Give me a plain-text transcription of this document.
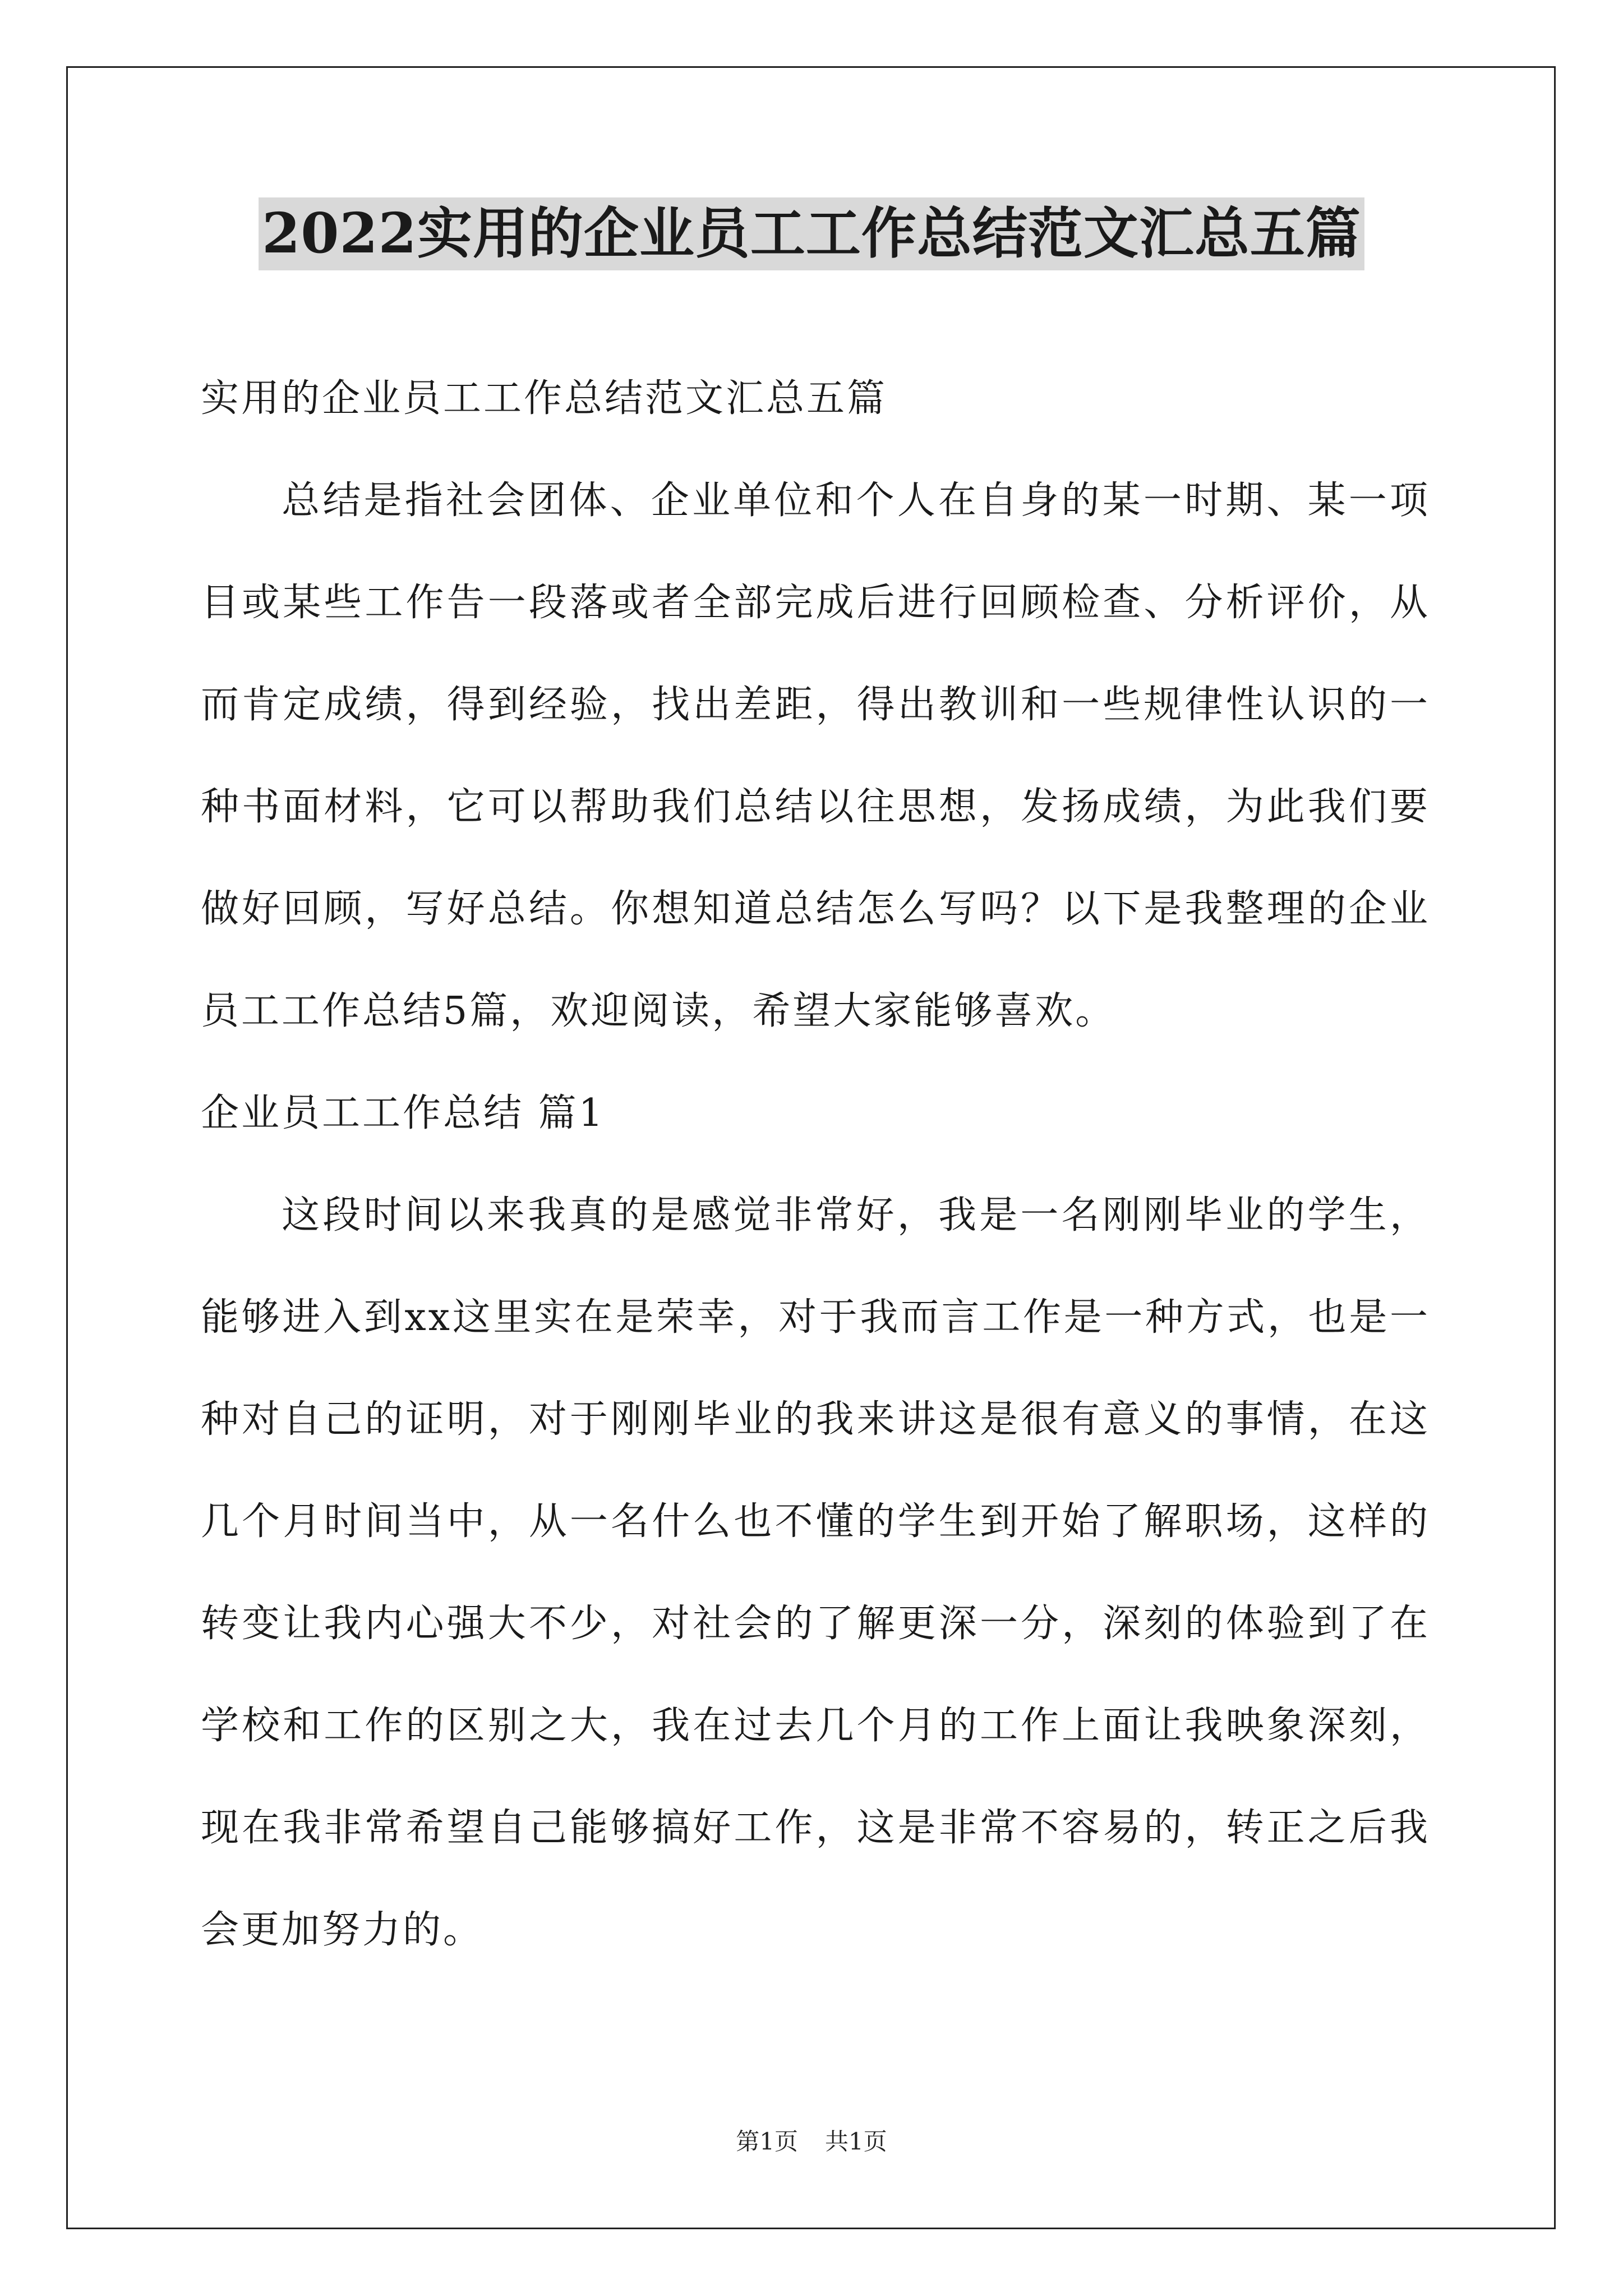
2022实用的企业员工工作总结范文汇总五篇
实用的企业员工工作总结范文汇总五篇

总结是指社会团体、企业单位和个人在自身的某一时期、某一项目或某些工作告一段落或者全部完成后进行回顾检查、分析评价，从而肯定成绩，得到经验，找出差距，得出教训和一些规律性认识的一种书面材料，它可以帮助我们总结以往思想，发扬成绩，为此我们要做好回顾，写好总结。你想知道总结怎么写吗？以下是我整理的企业员工工作总结5篇，欢迎阅读，希望大家能够喜欢。

企业员工工作总结 篇1

这段时间以来我真的是感觉非常好，我是一名刚刚毕业的学生，能够进入到xx这里实在是荣幸，对于我而言工作是一种方式，也是一种对自己的证明，对于刚刚毕业的我来讲这是很有意义的事情，在这几个月时间当中，从一名什么也不懂的学生到开始了解职场，这样的转变让我内心强大不少，对社会的了解更深一分，深刻的体验到了在学校和工作的区别之大，我在过去几个月的工作上面让我映象深刻，现在我非常希望自己能够搞好工作，这是非常不容易的，转正之后我会更加努力的。

第1页 共1页
